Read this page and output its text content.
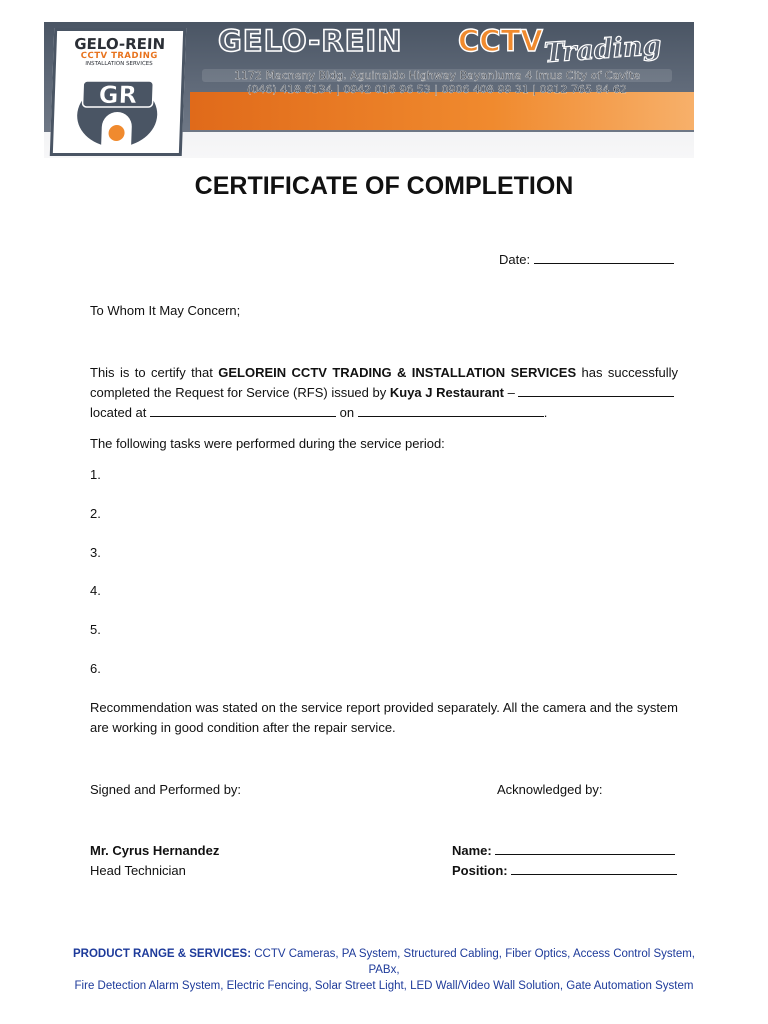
GELO-REIN
CCTV TRADING
INSTALLATION SERVICES
GR
GELO-REIN CCTV Trading
1172 Macneny Bldg. Aguinaldo Highway Bayanluma 4 Imus City of Cavite
(046) 418 6134 | 0942 016 96 53 | 0906 408 99 31 | 0912 765 84 62
CERTIFICATE OF COMPLETION
Date:
To Whom It May Concern;
This is to certify that GELOREIN CCTV TRADING & INSTALLATION SERVICES has successfully completed the Request for Service (RFS) issued by Kuya J Restaurant –
located at	on	.
The following tasks were performed during the service period:
1.
2.
3.
4.
5.
6.
Recommendation was stated on the service report provided separately. All the camera and the system are working in good condition after the repair service.
Signed and Performed by:	Acknowledged by:
Mr. Cyrus Hernandez
Head Technician
Name:
Position:
PRODUCT RANGE & SERVICES: CCTV Cameras, PA System, Structured Cabling, Fiber Optics, Access Control System, PABx,
Fire Detection Alarm System, Electric Fencing, Solar Street Light, LED Wall/Video Wall Solution, Gate Automation System
